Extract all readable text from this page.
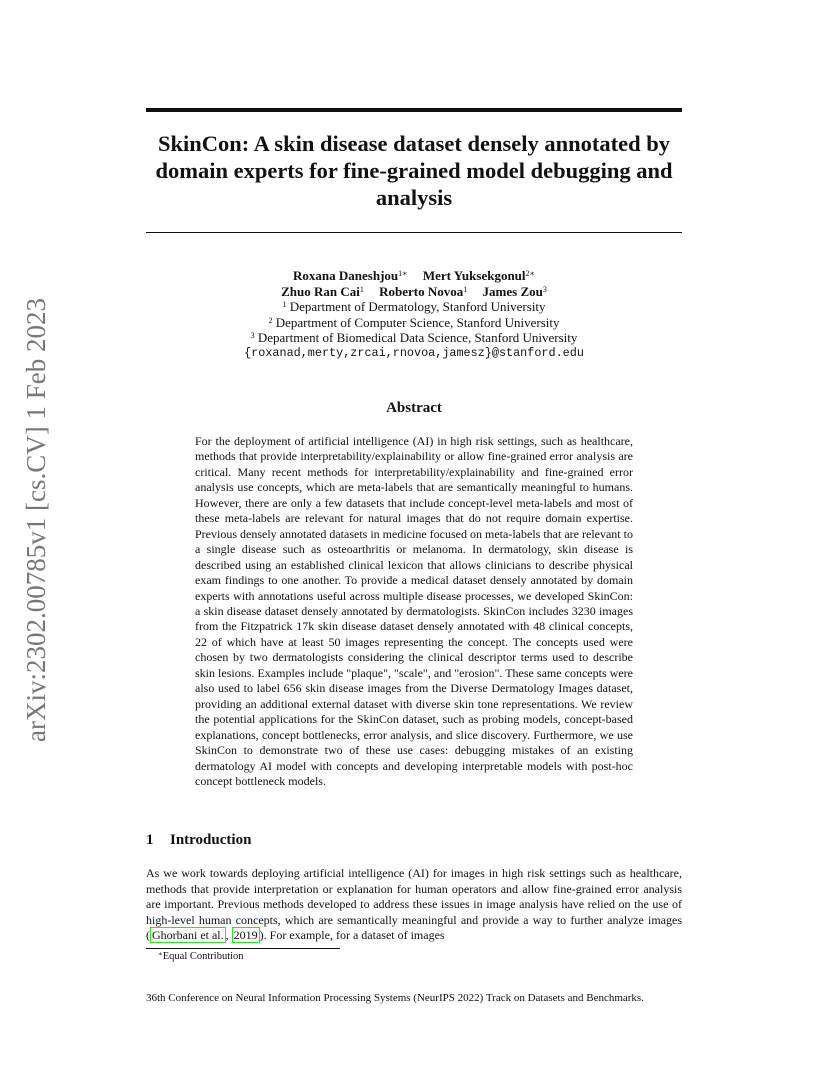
arXiv:2302.00785v1 [cs.CV] 1 Feb 2023
SkinCon: A skin disease dataset densely annotated by domain experts for fine-grained model debugging and analysis
Roxana Daneshjou$^{1∗}$ Mert Yuksekgonul$^{2∗}$
Zhuo Ran Cai$^1$ Roberto Novoa$^1$ James Zou$^3$
$^1$ Department of Dermatology, Stanford University
$^2$ Department of Computer Science, Stanford University
$^3$ Department of Biomedical Data Science, Stanford University
{roxanad,merty,zrcai,rnovoa,jamesz}@stanford.edu
Abstract

For the deployment of artificial intelligence (AI) in high risk settings, such as healthcare, methods that provide interpretability/explainability or allow fine-grained error analysis are critical. Many recent methods for interpretability/explainability and fine-grained error analysis use concepts, which are meta-labels that are semantically meaningful to humans. However, there are only a few datasets that include concept-level meta-labels and most of these meta-labels are relevant for natural images that do not require domain expertise. Previous densely annotated datasets in medicine focused on meta-labels that are relevant to a single disease such as osteoarthritis or melanoma. In dermatology, skin disease is described using an established clinical lexicon that allows clinicians to describe physical exam findings to one another. To provide a medical dataset densely annotated by domain experts with annotations useful across multiple disease processes, we developed SkinCon: a skin disease dataset densely annotated by dermatologists. SkinCon includes 3230 images from the Fitzpatrick 17k skin disease dataset densely annotated with 48 clinical concepts, 22 of which have at least 50 images representing the concept. The concepts used were chosen by two dermatologists considering the clinical descriptor terms used to describe skin lesions. Examples include "plaque", "scale", and "erosion". These same concepts were also used to label 656 skin disease images from the Diverse Dermatology Images dataset, providing an additional external dataset with diverse skin tone representations. We review the potential applications for the SkinCon dataset, such as probing models, concept-based explanations, concept bottlenecks, error analysis, and slice discovery. Furthermore, we use SkinCon to demonstrate two of these use cases: debugging mistakes of an existing dermatology AI model with concepts and developing interpretable models with post-hoc concept bottleneck models.

1 Introduction

As we work towards deploying artificial intelligence (AI) for images in high risk settings such as healthcare, methods that provide interpretation or explanation for human operators and allow fine-grained error analysis are important. Previous methods developed to address these issues in image analysis have relied on the use of high-level human concepts, which are semantically meaningful and provide a way to further analyze images ( Ghorbani et al. , 2019 ). For example, for a dataset of images

∗Equal Contribution
36th Conference on Neural Information Processing Systems (NeurIPS 2022) Track on Datasets and Benchmarks.
